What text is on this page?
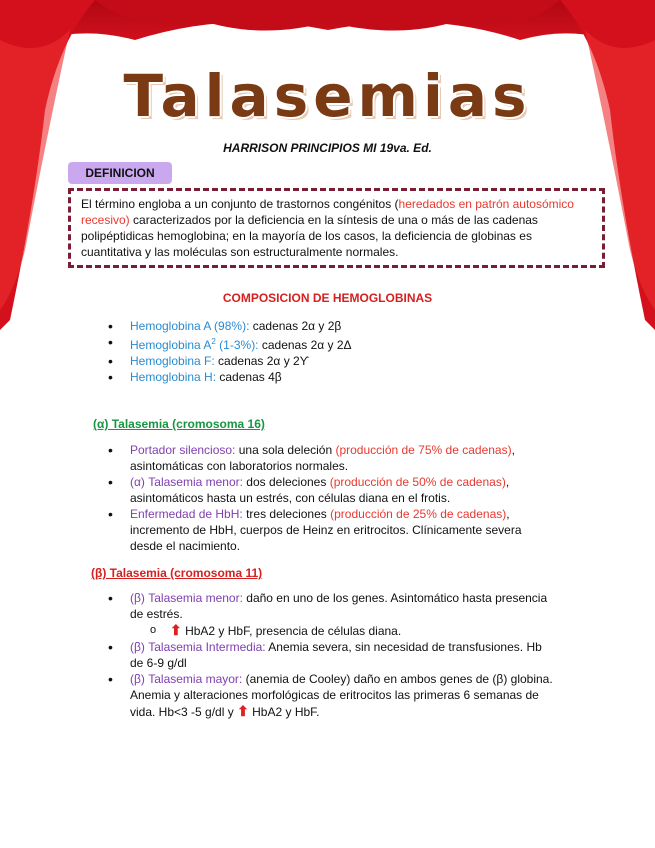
Talasemias
HARRISON PRINCIPIOS MI 19va. Ed.
DEFINICION
El término engloba a un conjunto de trastornos congénitos (heredados en patrón autosómico recesivo) caracterizados por la deficiencia en la síntesis de una o más de las cadenas polipéptidicas hemoglobina; en la mayoría de los casos, la deficiencia de globinas es cuantitativa y las moléculas son estructuralmente normales.
COMPOSICION DE HEMOGLOBINAS
• Hemoglobina A (98%): cadenas 2α y 2β
• Hemoglobina $A^2$ (1-3%): cadenas 2α y 2Δ
• Hemoglobina F: cadenas 2α y 2Ƴ
• Hemoglobina H: cadenas 4β
(α) Talasemia (cromosoma 16)
• Portador silencioso: una sola deleción (producción de 75% de cadenas), asintomáticas con laboratorios normales.
• (α) Talasemia menor: dos deleciones (producción de 50% de cadenas), asintomáticos hasta un estrés, con células diana en el frotis.
• Enfermedad de HbH: tres deleciones (producción de 25% de cadenas), incremento de HbH, cuerpos de Heinz en eritrocitos. Clínicamente severa desde el nacimiento.
(β) Talasemia (cromosoma 11)
• (β) Talasemia menor: daño en uno de los genes. Asintomático hasta presencia de estrés.
o ⬆ HbA2 y HbF, presencia de células diana.
• (β) Talasemia Intermedia: Anemia severa, sin necesidad de transfusiones. Hb de 6-9 g/dl
• (β) Talasemia mayor: (anemia de Cooley) daño en ambos genes de (β) globina. Anemia y alteraciones morfológicas de eritrocitos las primeras 6 semanas de vida. Hb<3 -5 g/dl y ⬆ HbA2 y HbF.
